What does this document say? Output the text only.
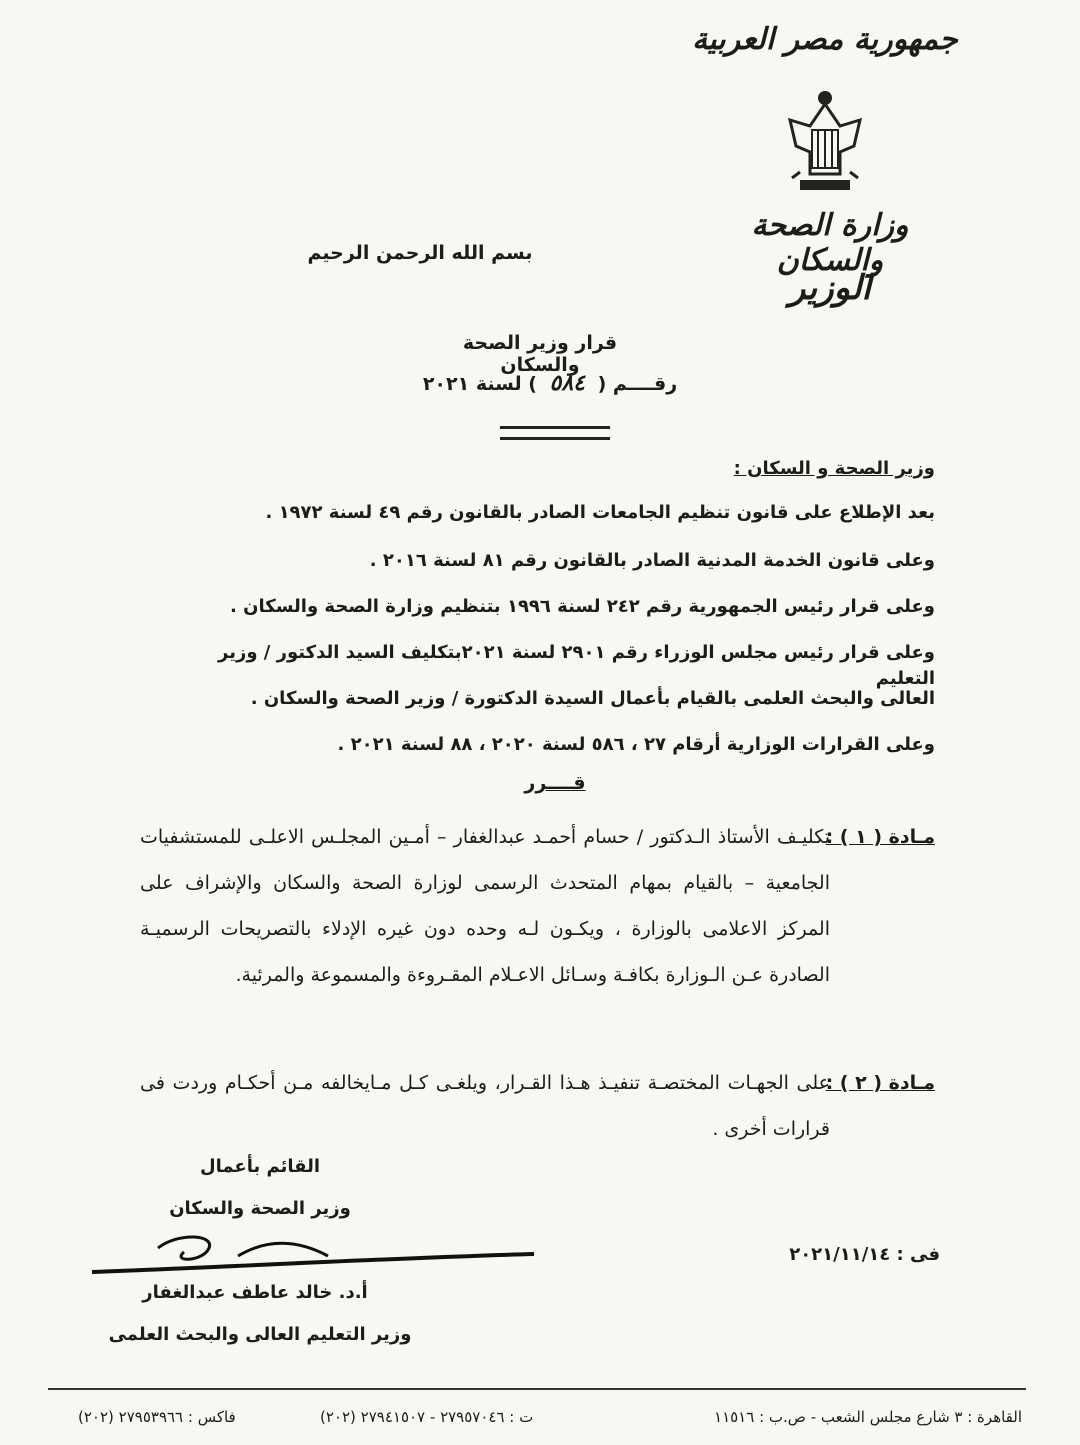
جمهورية مصر العربية
وزارة الصحة والسكان
الوزير
بسم الله الرحمن الرحيم
قرار وزير الصحة والسكان
رقــــم ( ٥٨٤ ) لسنة ٢٠٢١
وزير الصحة و السكان :
بعد الإطلاع على قانون تنظيم الجامعات الصادر بالقانون رقم ٤٩ لسنة ١٩٧٢ .
وعلى قانون الخدمة المدنية الصادر بالقانون رقم ٨١ لسنة ٢٠١٦ .
وعلى قرار رئيس الجمهورية رقم ٢٤٢ لسنة ١٩٩٦ بتنظيم وزارة الصحة والسكان .
وعلى قرار رئيس مجلس الوزراء رقم ٢٩٠١ لسنة ٢٠٢١بتكليف السيد الدكتور / وزير التعليم
العالى والبحث العلمى بالقيام بأعمال السيدة الدكتورة / وزير الصحة والسكان .
وعلى القرارات الوزارية أرقام ٢٧ ، ٥٨٦ لسنة ٢٠٢٠ ، ٨٨ لسنة ٢٠٢١ .
قــــرر
مـادة ( ١ ) :
تكليـف الأستاذ الـدكتور / حسام أحمـد عبدالغفار – أمـين المجلـس الاعلـى للمستشفيات الجامعية – بالقيام بمهام المتحدث الرسمى لوزارة الصحة والسكان والإشراف على المركز الاعلامى بالوزارة ، ويكـون لـه وحده دون غيره الإدلاء بالتصريحات الرسميـة الصادرة عـن الـوزارة بكافـة وسـائل الاعـلام المقـروءة والمسموعة والمرئية.
مـادة ( ٢ ) :
على الجهـات المختصـة تنفيـذ هـذا القـرار، ويلغـى كـل مـايخالفه مـن أحكـام وردت فى قرارات أخرى .
القائم بأعمال
وزير الصحة والسكان
أ.د. خالد عاطف عبدالغفار
وزير التعليم العالى والبحث العلمى
فى : ٢٠٢١/١١/١٤
القاهرة : ٣ شارع مجلس الشعب - ص.ب : ١١٥١٦
ت : ٢٧٩٥٧٠٤٦ - ٢٧٩٤١٥٠٧ (٢٠٢)
فاكس : ٢٧٩٥٣٩٦٦ (٢٠٢)
